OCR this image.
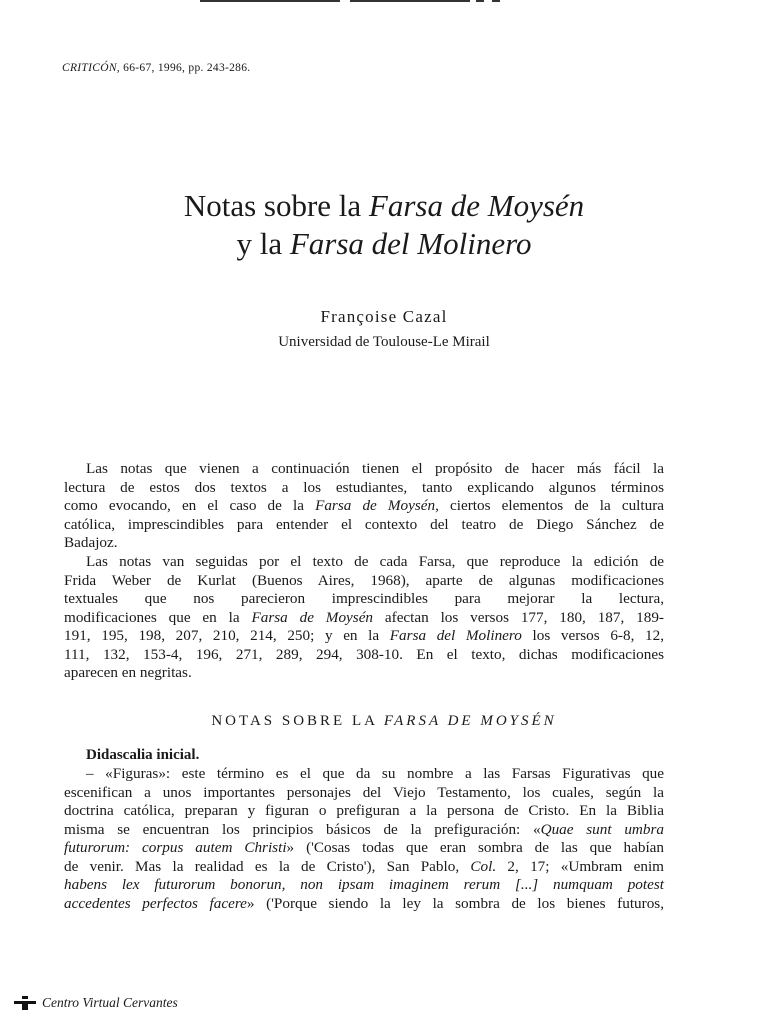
CRITICÓN, 66-67, 1996, pp. 243-286.
Notas sobre la Farsa de Moysén
y la Farsa del Molinero
Françoise Cazal
Universidad de Toulouse-Le Mirail
Las notas que vienen a continuación tienen el propósito de hacer más fácil la
lectura de estos dos textos a los estudiantes, tanto explicando algunos términos
como evocando, en el caso de la Farsa de Moysén, ciertos elementos de la cultura
católica, imprescindibles para entender el contexto del teatro de Diego Sánchez de
Badajoz.
Las notas van seguidas por el texto de cada Farsa, que reproduce la edición de
Frida Weber de Kurlat (Buenos Aires, 1968), aparte de algunas modificaciones
textuales que nos parecieron imprescindibles para mejorar la lectura,
modificaciones que en la Farsa de Moysén afectan los versos 177, 180, 187, 189-
191, 195, 198, 207, 210, 214, 250; y en la Farsa del Molinero los versos 6-8, 12,
111, 132, 153-4, 196, 271, 289, 294, 308-10. En el texto, dichas modificaciones
aparecen en negritas.
NOTAS SOBRE LA FARSA DE MOYSÉN
Didascalia inicial.
– «Figuras»: este término es el que da su nombre a las Farsas Figurativas que
escenifican a unos importantes personajes del Viejo Testamento, los cuales, según la
doctrina católica, preparan y figuran o prefiguran a la persona de Cristo. En la Biblia
misma se encuentran los principios básicos de la prefiguración: «Quae sunt umbra
futurorum: corpus autem Christi» ('Cosas todas que eran sombra de las que habían
de venir. Mas la realidad es la de Cristo'), San Pablo, Col. 2, 17; «Umbram enim
habens lex futurorum bonorun, non ipsam imaginem rerum [...] numquam potest
accedentes perfectos facere» ('Porque siendo la ley la sombra de los bienes futuros,
Centro Virtual Cervantes
